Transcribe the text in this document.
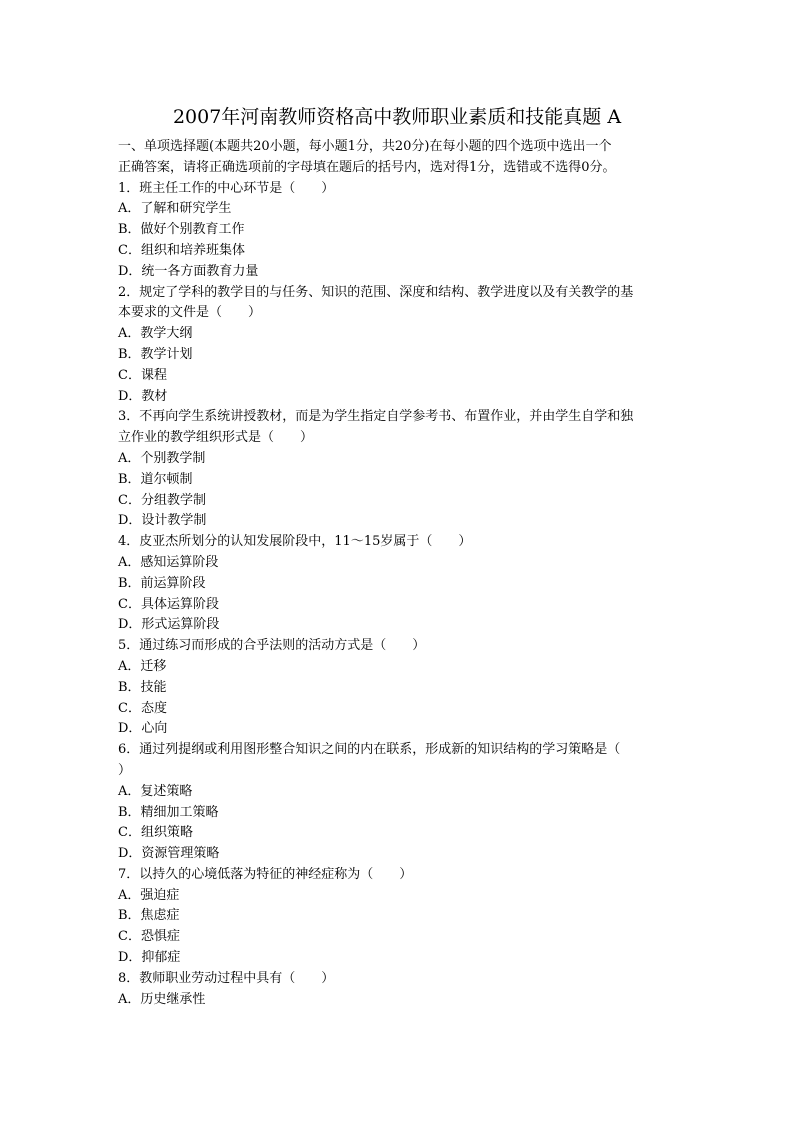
2007年河南教师资格高中教师职业素质和技能真题 A
一、单项选择题(本题共20小题，每小题1分，共20分)在每小题的四个选项中选出一个
正确答案，请将正确选项前的字母填在题后的括号内，选对得1分，选错或不选得0分。
1．班主任工作的中心环节是（　　）
A．了解和研究学生
B．做好个别教育工作
C．组织和培养班集体
D．统一各方面教育力量
2．规定了学科的教学目的与任务、知识的范围、深度和结构、教学进度以及有关教学的基
本要求的文件是（　　）
A．教学大纲
B．教学计划
C．课程
D．教材
3．不再向学生系统讲授教材，而是为学生指定自学参考书、布置作业，并由学生自学和独
立作业的教学组织形式是（　　）
A．个别教学制
B．道尔顿制
C．分组教学制
D．设计教学制
4．皮亚杰所划分的认知发展阶段中，11～15岁属于（　　）
A．感知运算阶段
B．前运算阶段
C．具体运算阶段
D．形式运算阶段
5．通过练习而形成的合乎法则的活动方式是（　　）
A．迁移
B．技能
C．态度
D．心向
6．通过列提纲或利用图形整合知识之间的内在联系，形成新的知识结构的学习策略是（
）
A．复述策略
B．精细加工策略
C．组织策略
D．资源管理策略
7．以持久的心境低落为特征的神经症称为（　　）
A．强迫症
B．焦虑症
C．恐惧症
D．抑郁症
8．教师职业劳动过程中具有（　　）
A．历史继承性
